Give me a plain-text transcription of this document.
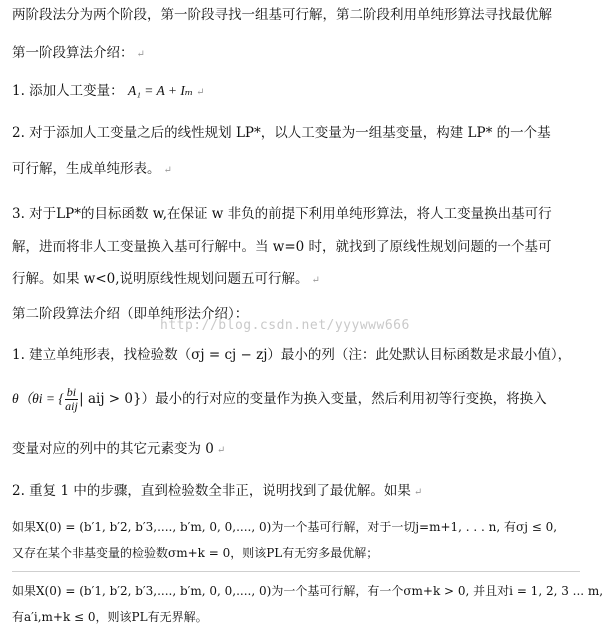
两阶段法分为两个阶段，第一阶段寻找一组基可行解，第二阶段利用单纯形算法寻找最优解
第一阶段算法介绍： ↵
1. 添加人工变量： A₁ = A + Iₘ ↵
2. 对于添加人工变量之后的线性规划 LP*，以人工变量为一组基变量，构建 LP* 的一个基
可行解，生成单纯形表。 ↵
3. 对于LP*的目标函数 w,在保证 w 非负的前提下利用单纯形算法，将人工变量换出基可行
解，进而将非人工变量换入基可行解中。当 w=0 时，就找到了原线性规划问题的一个基可
行解。如果 w<0,说明原线性规划问题五可行解。 ↵
第二阶段算法介绍（即单纯形法介绍）：
http://blog.csdn.net/yyywww666
1. 建立单纯形表，找检验数（σj = cj − zj）最小的列（注：此处默认目标函数是求最小值），
θ（θi = { $\frac{bi}{\text{aij}}$ | aij > 0}）最小的行对应的变量作为换入变量，然后利用初等行变换，将换入
变量对应的列中的其它元素变为 0 ↵
2. 重复 1 中的步骤，直到检验数全非正，说明找到了最优解。如果 ↵
如果X(0) = (b′1, b′2, b′3,...., b′m, 0, 0,...., 0)为一个基可行解，对于一切j=m+1, . . . n, 有σj ≤ 0,
又存在某个非基变量的检验数σm+k = 0，则该PL有无穷多最优解；
如果X(0) = (b′1, b′2, b′3,...., b′m, 0, 0,...., 0)为一个基可行解，有一个σm+k > 0, 并且对i = 1, 2, 3 ... m,
有a′i,m+k ≤ 0，则该PL有无界解。
